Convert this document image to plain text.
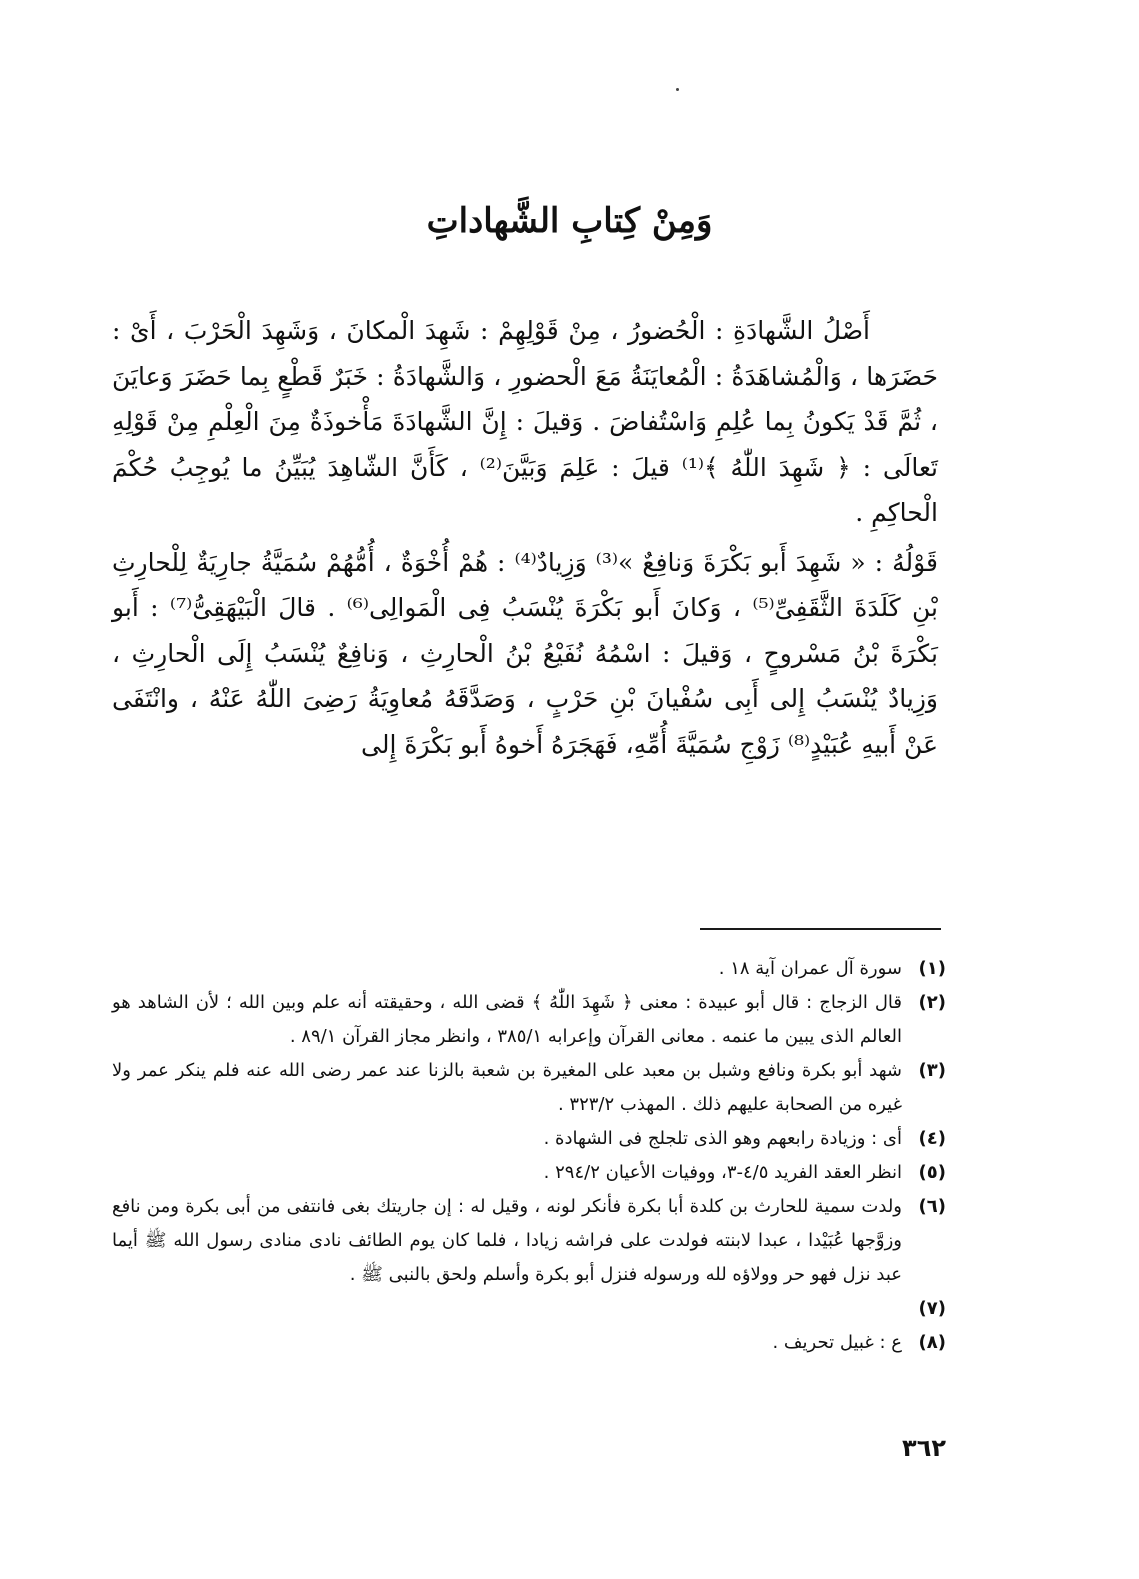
وَمِنْ كِتابِ الشَّهاداتِ

أَصْلُ الشَّهادَةِ : الْحُضورُ ، مِنْ قَوْلِهِمْ : شَهِدَ الْمكانَ ، وَشَهِدَ الْحَرْبَ ، أَىْ : حَضَرَها ، وَالْمُشاهَدَةُ : الْمُعايَنَةُ مَعَ الْحضورِ ، وَالشَّهادَةُ : خَبَرٌ قَطْعٍ بِما حَضَرَ وَعايَنَ ، ثُمَّ قَدْ يَكونُ بِما عُلِمِ وَاسْتُفاضَ . وَقيلَ : إِنَّ الشَّهادَةَ مَأْخوذَةٌ مِنَ الْعِلْمِ مِنْ قَوْلِهِ تَعالَى : ﴿ شَهِدَ اللّٰهُ ﴾⁽¹⁾ قيلَ : عَلِمَ وَبَيَّنَ⁽²⁾ ، كَأَنَّ الشّاهِدَ يُبَيِّنُ ما يُوجِبُ حُكْمَ الْحاكِمِ .

قَوْلُهُ : « شَهِدَ أَبو بَكْرَةَ وَنافِعٌ »⁽³⁾ وَزِيادٌ⁽⁴⁾ : هُمْ أُخْوَةٌ ، أُمُّهُمْ سُمَيَّةُ جارِيَةٌ لِلْحارِثِ بْنِ كَلَدَةَ الثَّقَفِىِّ⁽⁵⁾ ، وَكانَ أَبو بَكْرَةَ يُنْسَبُ فِى الْمَوالِى⁽⁶⁾ . قالَ الْبَيْهَقِىُّ⁽⁷⁾ : أَبو بَكْرَةَ بْنُ مَسْروحٍ ، وَقيلَ : اسْمُهُ نُفَيْعُ بْنُ الْحارِثِ ، وَنافِعٌ يُنْسَبُ إِلَى الْحارِثِ ، وَزِيادٌ يُنْسَبُ إِلى أَبِى سُفْيانَ بْنِ حَرْبٍ ، وَصَدَّقَهُ مُعاوِيَةُ رَضِىَ اللّٰهُ عَنْهُ ، وانْتَفَى عَنْ أَبيهِ عُبَيْدٍ⁽⁸⁾ زَوْجِ سُمَيَّةَ أُمِّهِ، فَهَجَرَهُ أَخوهُ أَبو بَكْرَةَ إِلى

(١)
سورة آل عمران آية ١٨ .
(٢)
قال الزجاج : قال أبو عبيدة : معنى ﴿ شَهِدَ اللّٰهُ ﴾ قضى الله ، وحقيقته أنه علم وبين الله ؛ لأن الشاهد هو العالم الذى يبين ما عنمه . معانى القرآن وإعرابه ٣٨٥/١ ، وانظر مجاز القرآن ٨٩/١ .
(٣)
شهد أبو بكرة ونافع وشبل بن معبد على المغيرة بن شعبة بالزنا عند عمر رضى الله عنه فلم ينكر عمر ولا غيره من الصحابة عليهم ذلك . المهذب ٣٢٣/٢ .
(٤)
أى : وزيادة رابعهم وهو الذى تلجلج فى الشهادة .
(٥)
انظر العقد الفريد ٤/٥-٣، ووفيات الأعيان ٢٩٤/٢ .
(٦)
ولدت سمية للحارث بن كلدة أبا بكرة فأنكر لونه ، وقيل له : إن جاريتك بغى فانتفى من أبى بكرة ومن نافع وزوَّجها عُبَيْدا ، عبدا لابنته فولدت على فراشه زيادا ، فلما كان يوم الطائف نادى منادى رسول الله ﷺ أيما عبد نزل فهو حر وولاؤه لله ورسوله فنزل أبو بكرة وأسلم ولحق بالنبى ﷺ .
(٧)

(٨)
ع : غبيل تحريف .
٣٦٢
